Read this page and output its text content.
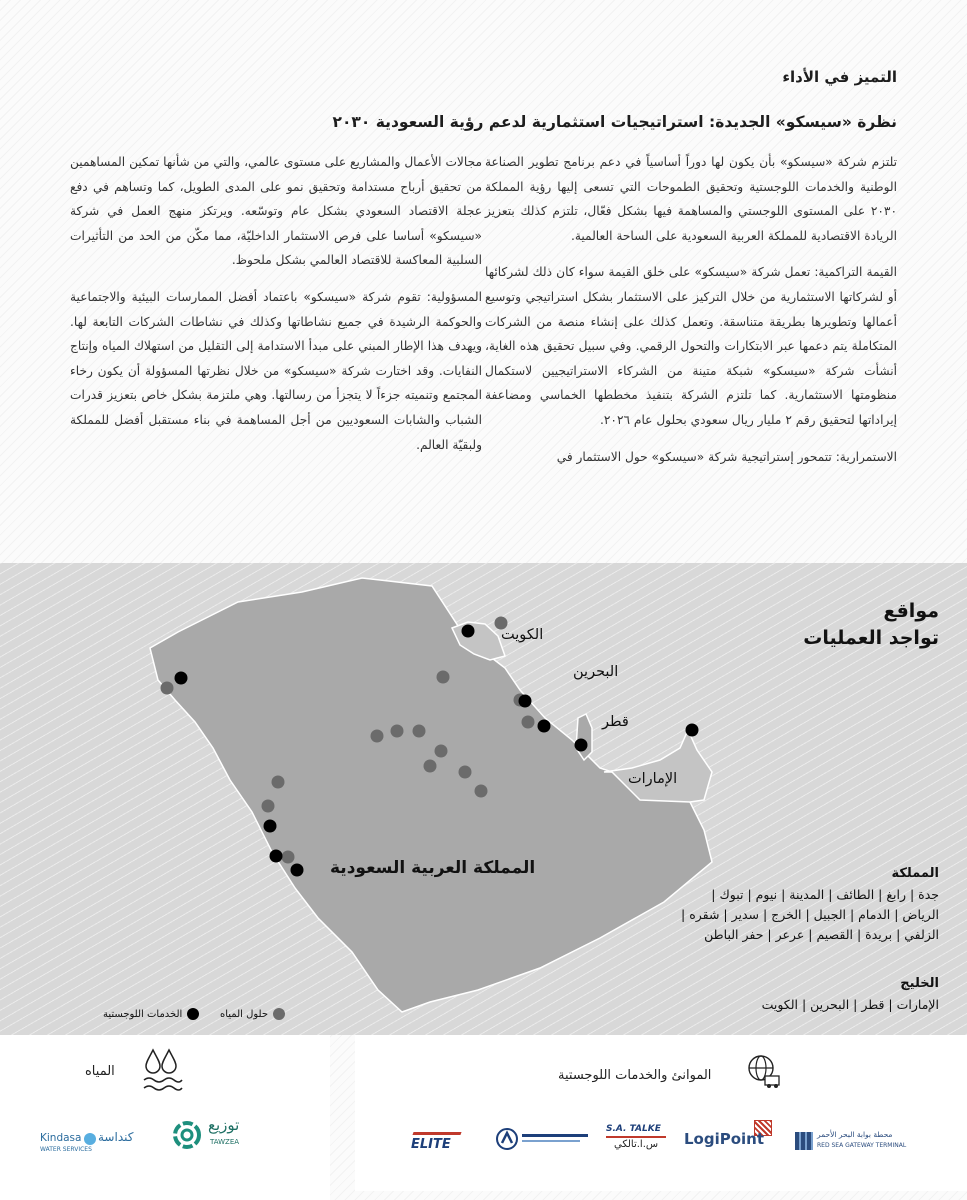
التميز في الأداء
نظرة «سيسكو» الجديدة: استراتيجيات استثمارية لدعم رؤية السعودية ٢٠٣٠

تلتزم شركة «سيسكو» بأن يكون لها دوراً أساسياً في دعم برنامج تطوير الصناعة الوطنية والخدمات اللوجستية وتحقيق الطموحات التي تسعى إليها رؤية المملكة ٢٠٣٠ على المستوى اللوجستي والمساهمة فيها بشكل فعّال، تلتزم كذلك بتعزيز الريادة الاقتصادية للمملكة العربية السعودية على الساحة العالمية.

القيمة التراكمية: تعمل شركة «سيسكو» على خلق القيمة سواء كان ذلك لشركائها أو لشركاتها الاستثمارية من خلال التركيز على الاستثمار بشكل استراتيجي وتوسيع أعمالها وتطويرها بطريقة متناسقة. وتعمل كذلك على إنشاء منصة من الشركات المتكاملة يتم دعمها عبر الابتكارات والتحول الرقمي. وفي سبيل تحقيق هذه الغاية، أنشأت شركة «سيسكو» شبكة متينة من الشركاء الاستراتيجيين لاستكمال منظومتها الاستثمارية. كما تلتزم الشركة بتنفيذ مخططها الخماسي ومضاعفة إيراداتها لتحقيق رقم ٢ مليار ريال سعودي بحلول عام ٢٠٢٦.

الاستمرارية: تتمحور إستراتيجية شركة «سيسكو» حول الاستثمار في

مجالات الأعمال والمشاريع على مستوى عالمي، والتي من شأنها تمكين المساهمين من تحقيق أرباح مستدامة وتحقيق نمو على المدى الطويل، كما وتساهم في دفع عجلة الاقتصاد السعودي بشكل عام وتوسّعه. ويرتكز منهج العمل في شركة «سيسكو» أساسا على فرص الاستثمار الداخليّة، مما مكّن من الحد من التأثيرات السلبية المعاكسة للاقتصاد العالمي بشكل ملحوظ.

المسؤولية: تقوم شركة «سيسكو» باعتماد أفضل الممارسات البيئية والاجتماعية والحوكمة الرشيدة في جميع نشاطاتها وكذلك في نشاطات الشركات التابعة لها. ويهدف هذا الإطار المبني على مبدأ الاستدامة إلى التقليل من استهلاك المياه وإنتاج النفايات. وقد اختارت شركة «سيسكو» من خلال نظرتها المسؤولة أن يكون رخاء المجتمع وتنميته جزءاً لا يتجزأ من رسالتها. وهي ملتزمة بشكل خاص بتعزيز قدرات الشباب والشابات السعوديين من أجل المساهمة في بناء مستقبل أفضل للمملكة ولبقيّة العالم.

مواقع
تواجد العمليات
الكويت
البحرين
قطر
الإمارات
المملكة العربية السعودية
الخدمات اللوجستية	حلول المياه
المملكة
جدة | رابغ | الطائف | المدينة | نيوم | تبوك |
الرياض | الدمام | الجبيل | الخرج | سدير | شقره |
الزلفي | بريدة | القصيم | عرعر | حفر الباطن
الخليج
الإمارات | قطر | البحرين | الكويت
المياه
Kindasa كنداسة
WATER SERVICES
توزيع
TAWZEA
الموانئ والخدمات اللوجستية
محطة بوابة البحر الأحمر
RED SEA GATEWAY TERMINAL
LogiPoint
S.A. TALKE
س.ا.تالكي
ELITE
